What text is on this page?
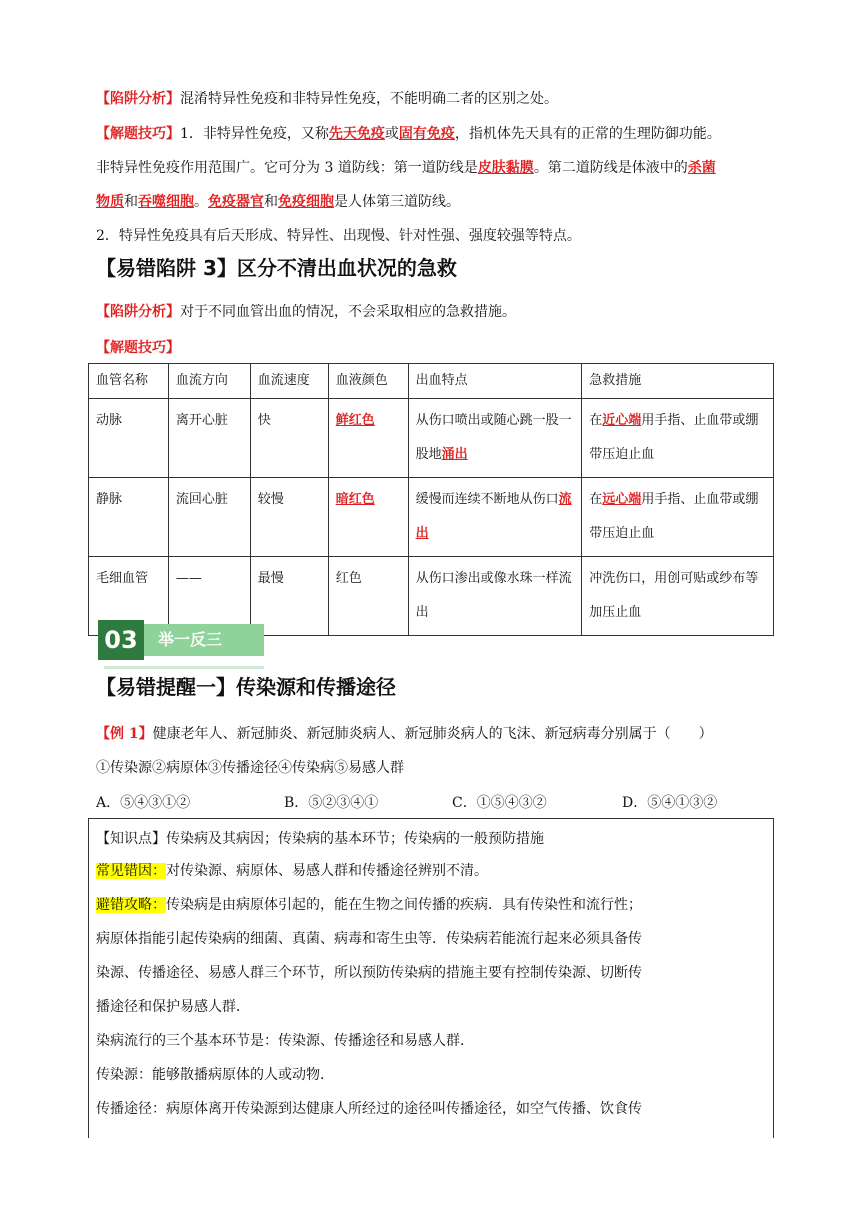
【陷阱分析】混淆特异性免疫和非特异性免疫，不能明确二者的区别之处。

【解题技巧】1．非特异性免疫，又称先天免疫或固有免疫，指机体先天具有的正常的生理防御功能。

非特异性免疫作用范围广。它可分为 3 道防线：第一道防线是皮肤黏膜。第二道防线是体液中的杀菌

物质和吞噬细胞。免疫器官和免疫细胞是人体第三道防线。

2．特异性免疫具有后天形成、特异性、出现慢、针对性强、强度较强等特点。

【易错陷阱 3】区分不清出血状况的急救

【陷阱分析】对于不同血管出血的情况，不会采取相应的急救措施。

【解题技巧】

血管名称	血流方向	血流速度	血液颜色	出血特点	急救措施
动脉	离开心脏	快	鲜红色	从伤口喷出或随心跳一股一股地涌出	在近心端用手指、止血带或绷带压迫止血
静脉	流回心脏	较慢	暗红色	缓慢而连续不断地从伤口流出	在远心端用手指、止血带或绷带压迫止血
毛细血管	——	最慢	红色	从伤口渗出或像水珠一样流出	冲洗伤口，用创可贴或纱布等加压止血
03	举一反三
【易错提醒一】传染源和传播途径

【例 1】健康老年人、新冠肺炎、新冠肺炎病人、新冠肺炎病人的飞沫、新冠病毒分别属于（　　）

①传染源②病原体③传播途径④传染病⑤易感人群

A．⑤④③①②	B．⑤②③④①	C．①⑤④③②	D．⑤④①③②

【知识点】传染病及其病因；传染病的基本环节；传染病的一般预防措施

常见错因：对传染源、病原体、易感人群和传播途径辨别不清。

避错攻略：传染病是由病原体引起的，能在生物之间传播的疾病．具有传染性和流行性；

病原体指能引起传染病的细菌、真菌、病毒和寄生虫等．传染病若能流行起来必须具备传

染源、传播途径、易感人群三个环节，所以预防传染病的措施主要有控制传染源、切断传

播途径和保护易感人群．

染病流行的三个基本环节是：传染源、传播途径和易感人群．

传染源：能够散播病原体的人或动物．

传播途径：病原体离开传染源到达健康人所经过的途径叫传播途径，如空气传播、饮食传
